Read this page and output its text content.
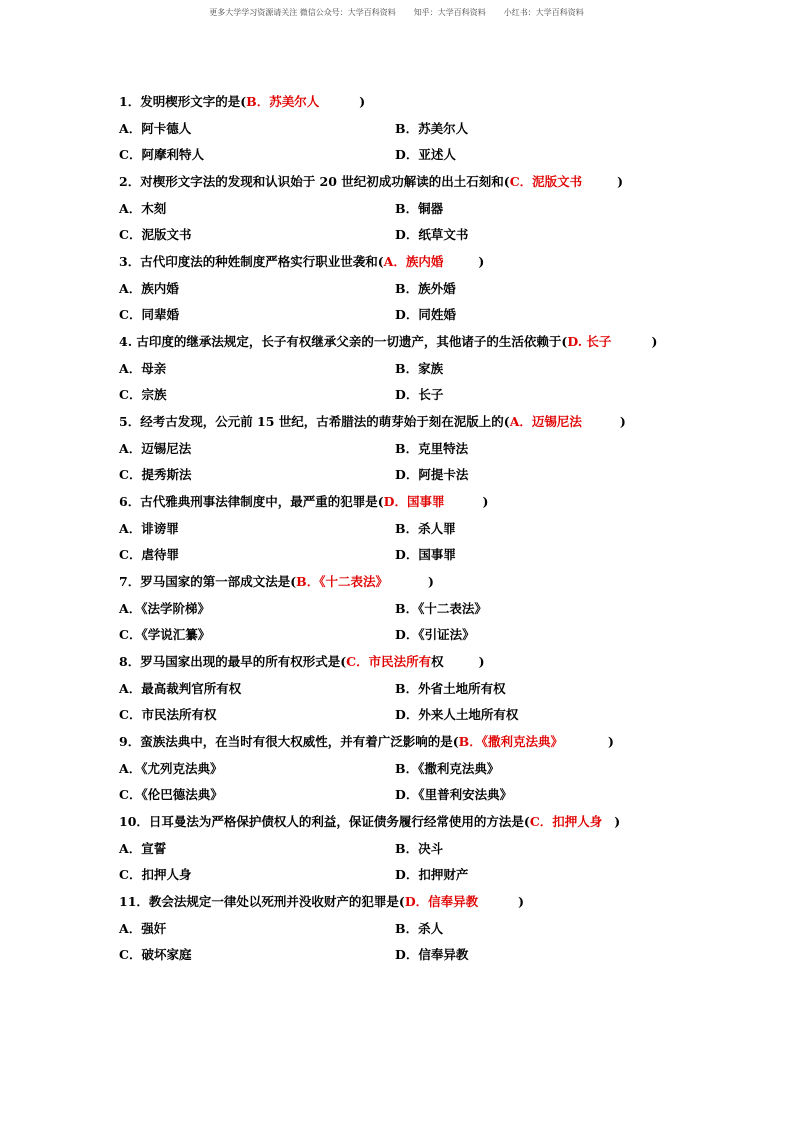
更多大学学习资源请关注 微信公众号：大学百科资料 知乎：大学百科资料 小红书：大学百科资料
1．发明楔形文字的是(B．苏美尔人	)
A．阿卡德人	B．苏美尔人
C．阿摩利特人	D．亚述人
2．对楔形文字法的发现和认识始于 20 世纪初成功解读的出土石刻和(C．泥版文书	)
A．木刻	B．铜器
C．泥版文书	D．纸草文书
3．古代印度法的种姓制度严格实行职业世袭和(A．族内婚	)
A．族内婚	B．族外婚
C．同辈婚	D．同姓婚
4. 古印度的继承法规定，长子有权继承父亲的一切遗产，其他诸子的生活依赖于(D. 长子	)
A．母亲	B．家族
C．宗族	D．长子
5．经考古发现，公元前 15 世纪，古希腊法的萌芽始于刻在泥版上的(A．迈锡尼法	)
A．迈锡尼法	B．克里特法
C．提秀斯法	D．阿提卡法
6．古代雅典刑事法律制度中，最严重的犯罪是(D．国事罪	)
A．诽谤罪	B．杀人罪
C．虐待罪	D．国事罪
7．罗马国家的第一部成文法是(B．《十二表法》	)
A．《法学阶梯》	B．《十二表法》
C．《学说汇纂》	D．《引证法》
8．罗马国家出现的最早的所有权形式是(C．市民法所有权	)
A．最高裁判官所有权	B．外省土地所有权
C．市民法所有权	D．外来人土地所有权
9．蛮族法典中，在当时有很大权威性，并有着广泛影响的是(B．《撒利克法典》	)
A．《尤列克法典》	B．《撒利克法典》
C．《伦巴德法典》	D．《里普利安法典》
10．日耳曼法为严格保护债权人的利益，保证债务履行经常使用的方法是(C．扣押人身 )
A．宣誓	B．决斗
C．扣押人身	D．扣押财产
11．教会法规定一律处以死刑并没收财产的犯罪是(D．信奉异教	)
A．强奸	B．杀人
C．破坏家庭	D．信奉异教
